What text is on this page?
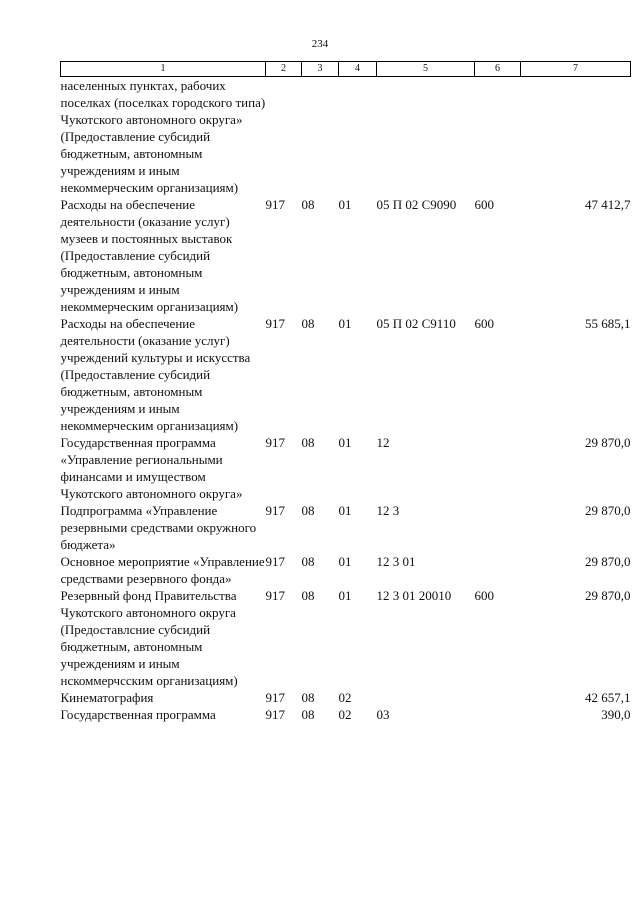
234
1	2	3	4	5	6	7
населенных пунктах, рабочих поселках (поселках городского типа) Чукотского автономного округа» (Предоставление субсидий бюджетным, автономным учреждениям и иным некоммерческим организациям)						
Расходы на обеспечение деятельности (оказание услуг) музеев и постоянных выставок (Предоставление субсидий бюджетным, автономным учреждениям и иным некоммерческим организациям)	917	08	01	05 П 02 С9090	600	47 412,7
Расходы на обеспечение деятельности (оказание услуг) учреждений культуры и искусства (Предоставление субсидий бюджетным, автономным учреждениям и иным некоммерческим организациям)	917	08	01	05 П 02 С9110	600	55 685,1
Государственная программа «Управление региональными финансами и имуществом Чукотского автономного округа»	917	08	01	12		29 870,0
Подпрограмма «Управление резервными средствами окружного бюджета»	917	08	01	12 3		29 870,0
Основное мероприятие «Управление средствами резервного фонда»	917	08	01	12 3 01		29 870,0
Резервный фонд Правительства Чукотского автономного округа (Предоставлсние субсидий бюджетным, автономным учреждениям и иным нскоммерчсским организациям)	917	08	01	12 3 01 20010	600	29 870,0
Кинематография	917	08	02			42 657,1
Государственная программа	917	08	02	03		390,0
